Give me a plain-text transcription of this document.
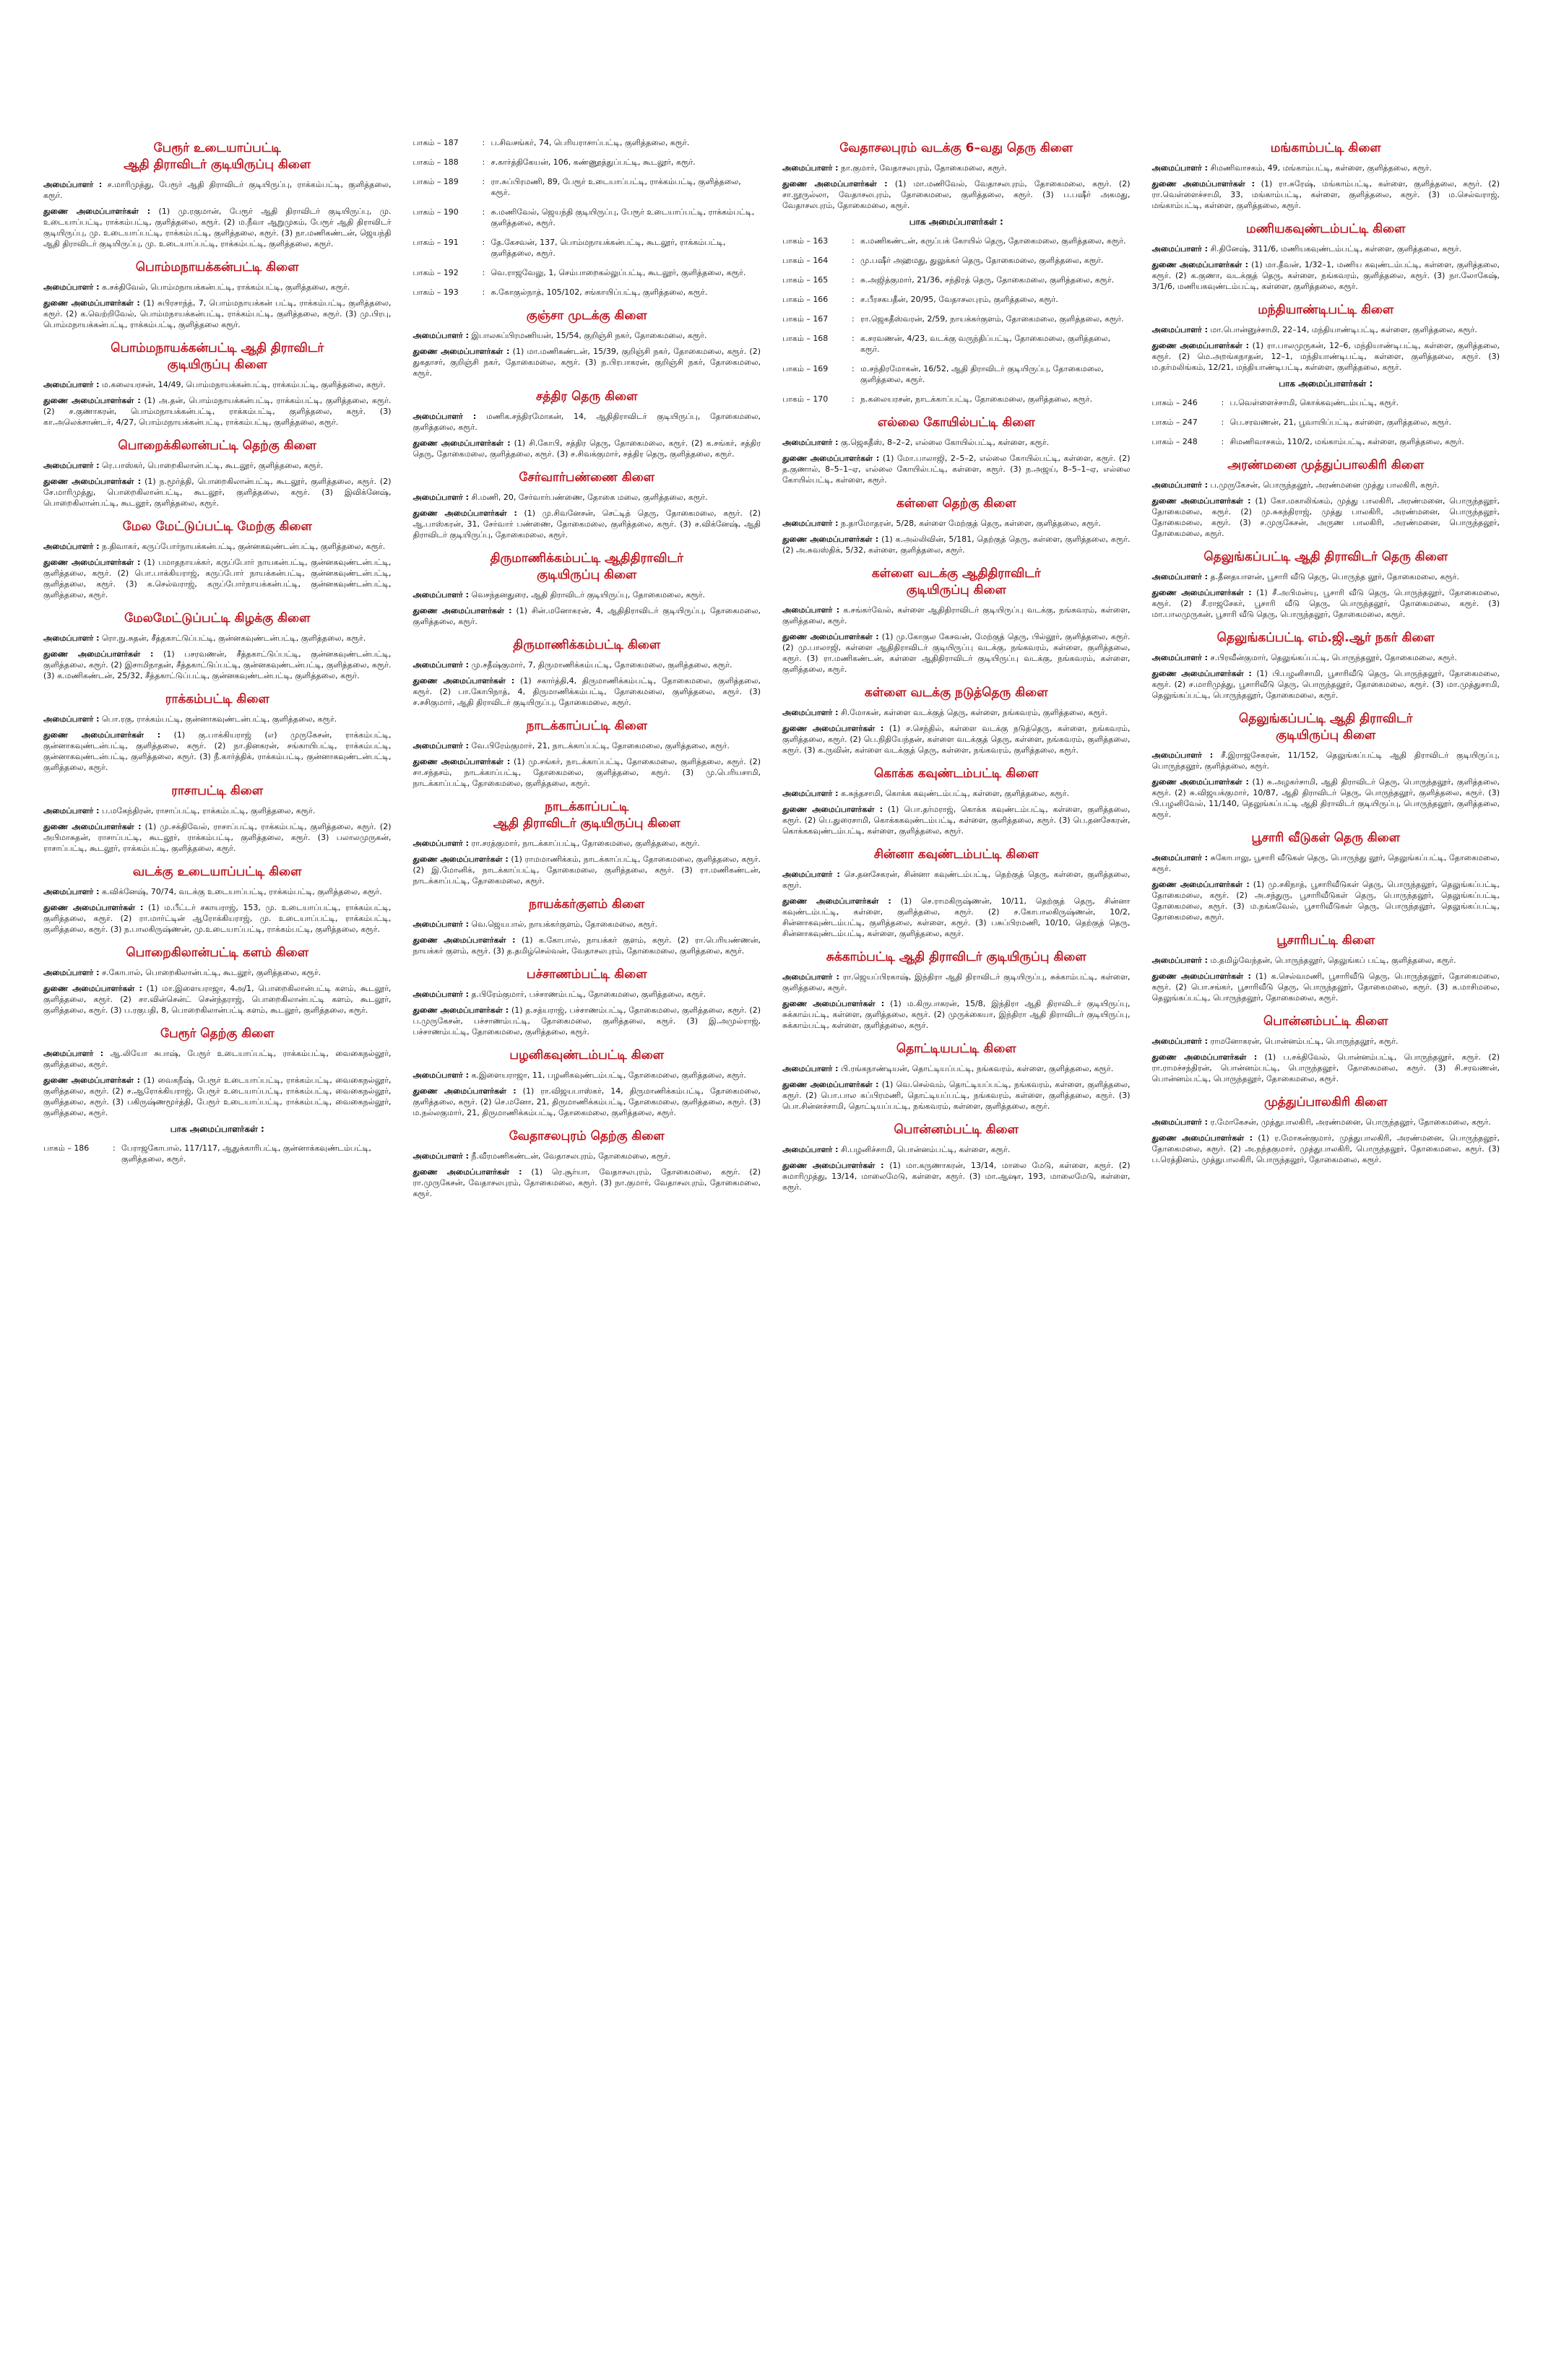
பேரூர் உடையாப்பட்டி
ஆதி திராவிடர் குடியிருப்பு கிளை
அமைப்பாளர் : ச.மாரிமுத்து, பேரூர் ஆதி திராவிடர் குடியிருப்பு, ராக்கம்பட்டி, குளித்தலை, கரூர்.
துணை அமைப்பாளர்கள் : (1) மு.ரகுமான், பேரூர் ஆதி திராவிடர் குடியிருப்பு, மு. உடையாப்பட்டி, ராக்கம்பட்டி, குளித்தலை, கரூர். (2) ம.நீவா ஆறுமுகம், பேரூர் ஆதி திராவிடர் குடியிருப்பு, மு. உடையாப்பட்டி, ராக்கம்பட்டி, குளித்தலை, கரூர். (3) நா.மணிகண்டன், ஜெயந்தி ஆதி திராவிடர் குடியிருப்பு, மு. உடையாப்பட்டி, ராக்கம்பட்டி, குளித்தலை, கரூர்.
பொம்மநாயக்கன்பட்டி கிளை
அமைப்பாளர் : க.சக்திவேல், பொம்மநாயக்கன்பட்டி, ராக்கம்பட்டி, குளித்தலை, கரூர்.
துணை அமைப்பாளர்கள் : (1) சுபிரசாந்த், 7, பொம்மநாயக்கன் பட்டி, ராக்கம்பட்டி, குளித்தலை, கரூர். (2) க.வெற்றிவேல், பொம்மநாயக்கன்பட்டி, ராக்கம்பட்டி, குளித்தலை, கரூர். (3) மு.பிரபு, பொம்மநாயக்கன்பட்டி, ராக்கம்பட்டி, குளித்தலை கரூர்.
பொம்மநாயக்கன்பட்டி ஆதி திராவிடர்
குடியிருப்பு கிளை
அமைப்பாளர் : ம.கலையரசன், 14/49, பொம்மநாயக்கன்பட்டி, ராக்கம்பட்டி, குளித்தலை, கரூர்.
துணை அமைப்பாளர்கள் : (1) அ.தன், பொம்மநாயக்கன்பட்டி, ராக்கம்பட்டி, குளித்தலை, கரூர். (2) ச.குணாகரன், பொம்மநாயக்கன்பட்டி, ராக்கம்பட்டி, குளித்தலை, கரூர். (3) கா.அலெக்சாண்டர், 4/27, பொம்மநாயக்கன்பட்டி, ராக்கம்பட்டி, குளித்தலை, கரூர்.
பொறைக்கிலான்பட்டி தெற்கு கிளை
அமைப்பாளர் : ரெ.பாஸ்கர், பொறைகிலான்பட்டி, கூடலூர், குளித்தலை, கரூர்.
துணை அமைப்பாளர்கள் : (1) ந.மூர்த்தி, பொறைகிலான்பட்டி, கூடலூர், குளித்தலை, கரூர். (2) சே.மாரிமுத்து, பொறைகிலான்பட்டி, கூடலூர், குளித்தலை, கரூர். (3) இவிக்னேஷ், பொறைகிலான்பட்டி, கூடலூர், குளித்தலை, கரூர்.
மேல மேட்டுப்பட்டி மேற்கு கிளை
அமைப்பாளர் : ந.திவாகர், கருப்போர்நாயக்கன்பட்டி, குன்னகவுண்டன்பட்டி, குளித்தலை, கரூர்.
துணை அமைப்பாளர்கள் : (1) பமாதநாயக்கர், கருப்போர் நாயகன்பட்டி, குன்னகவுண்டன்பட்டி, குளித்தலை, கரூர். (2) பொ.பாக்கியராஜ், கருப்போர் நாயக்கன்பட்டி, குன்னகவுண்டன்பட்டி, குளித்தலை, கரூர். (3) க.செல்வராஜ், கருப்போர்நாயக்கன்பட்டி, குன்னகவுண்டன்பட்டி, குளித்தலை, கரூர்.
மேலமேட்டுப்பட்டி கிழக்கு கிளை
அமைப்பாளர் : ரொ.நு.சுதன், சீத்தகாட்டுப்பட்டி, குன்னகவுண்டன்பட்டி, குளித்தலை, கரூர்.
துணை அமைப்பாளர்கள் : (1) பசரவணன், சீத்தகாட்டுப்பட்டி, குன்னகவுண்டன்பட்டி, குளித்தலை, கரூர். (2) இசாமிநாதன், சீத்தகாட்டுப்பட்டி, குன்னகவுண்டன்பட்டி, குளித்தலை, கரூர். (3) க.மணிகண்டன், 25/32, சீத்தகாட்டுப்பட்டி, குன்னகவுண்டன்பட்டி, குளித்தலை, கரூர்.
ராக்கம்பட்டி கிளை
அமைப்பாளர் : பொ.ரகு, ராக்கம்பட்டி, குன்னாகவுண்டன்பட்டி, குளித்தலை, கரூர்.
துணை அமைப்பாளர்கள் : (1) கு.பாக்கியராஜ் (எ) முருகேசன், ராக்கம்பட்டி, குன்னாகவுண்டன்பட்டி, குளித்தலை, கரூர். (2) நா.தினகரன், சங்காயிபட்டி, ராக்கம்பட்டி, குன்னாகவுண்டன்பட்டி, குளித்தலை, கரூர். (3) நீ.கார்த்திக், ராக்கம்பட்டி, குன்னாகவுண்டன்பட்டி, குளித்தலை, கரூர்.
ராசாபட்டி கிளை
அமைப்பாளர் : ப.மகேந்திரன், ராசாப்பட்டி, ராக்கம்பட்டி, குளித்தலை, கரூர்.
துணை அமைப்பாளர்கள் : (1) மு.சக்திவேல், ராசாப்பட்டி, ராக்கம்பட்டி, குளித்தலை, கரூர். (2) அபிமாசுதன், ராசாப்பட்டி, கூடலூர், ராக்கம்பட்டி, குளித்தலை, கரூர். (3) பலாலமுருகன், ராசாப்பட்டி, கூடலூர், ராக்கம்பட்டி, குளித்தலை, கரூர்.
வடக்கு உடையாப்பட்டி கிளை
அமைப்பாளர் : க.விக்னேஷ், 70/74, வடக்கு உடையாப்பட்டி, ராக்கம்பட்டி, குளித்தலை, கரூர்.
துணை அமைப்பாளர்கள் : (1) ம.பீட்டர் சகாயராஜ், 153, மு. உடையாப்பட்டி, ராக்கம்பட்டி, குளித்தலை, கரூர். (2) ரா.மார்ட்டின் ஆரோக்கியராஜ், மு. உடையாப்பட்டி, ராக்கம்பட்டி, குளித்தலை, கரூர். (3) ந.பாலகிருஷ்ணன், மு.உடையாப்பட்டி, ராக்கம்பட்டி, குளித்தலை, கரூர்.
பொறைகிலான்பட்டி களம் கிளை
அமைப்பாளர் : ச.கோபால், பொறைகிலான்பட்டி, கூடலூர், குளித்தலை, கரூர்.
துணை அமைப்பாளர்கள் : (1) மா.இளையராஜா, 4அ/1, பொறைகிலான்பட்டி களம், கூடலூர், குளித்தலை, கரூர். (2) சா.வின்சென்ட் சென்ந்தராஜ், பொறைகிலான்பட்டி களம், கூடலூர், குளித்தலை, கரூர். (3) ப.ரகுபதி, 8, பொறைகிலான்பட்டி களம், கூடலூர், குளித்தலை, கரூர்.
பேரூர் தெற்கு கிளை
அமைப்பாளர் : ஆ.லியோ சுபாஷ், பேரூர் உடையாப்பட்டி, ராக்கம்பட்டி, வைகைநல்லூர், குளித்தலை, கரூர்.
துணை அமைப்பாளர்கள் : (1) வைகநீஷ், பேரூர் உடையாப்பட்டி, ராக்கம்பட்டி, வைகைநல்லூர், குளித்தலை, கரூர். (2) ச.ஆரோக்கியராஜ், பேரூர் உடையாப்பட்டி, ராக்கம்பட்டி, வைகைநல்லூர், குளித்தலை, கரூர். (3) பகிருஷ்ணமூர்த்தி, பேரூர் உடையாப்பட்டி, ராக்கம்பட்டி, வைகைநல்லூர், குளித்தலை, கரூர்.
பாக அமைப்பாளர்கள் :
பாகம் – 186	: பேராஜகோபால், 117/117, ஆதுக்காரிபட்டி, குன்னாக்கவுண்டம்பட்டி, குளித்தலை, கரூர்.
பாகம் – 187	: ப.சிவசங்கர், 74, பெரியராசாப்பட்டி, குளித்தலை, கரூர்.
பாகம் – 188	: ச.கார்த்திகேயன், 106, கண்ணூத்துப்பட்டி, கூடலூர், கரூர்.
பாகம் – 189	: ரா.சுப்பிரமணி, 89, பேரூர் உடையாப்பட்டி, ராக்கம்பட்டி, குளித்தலை, கரூர்.
பாகம் – 190	: சு.மணிவேல், ஜெயந்தி குடியிருப்பு, பேரூர் உடையாப்பட்டி, ராக்கம்பட்டி, குளித்தலை, கரூர்.
பாகம் – 191	: தே.கேசவன், 137, பொம்மநாயக்கன்பட்டி, கூடலூர், ராக்கம்பட்டி, குளித்தலை, கரூர்.
பாகம் – 192	: வெ.ராஜவேலு, 1, செம்பாறைகல்லுப்பட்டி, கூடலூர், குளித்தலை, கரூர்.
பாகம் – 193	: சு.கோகுல்நாத், 105/102, சங்காயிப்பட்டி, குளித்தலை, கரூர்.
குஞ்சா முடக்கு கிளை
அமைப்பாளர் : இபாலசுப்பிரமணியன், 15/54, குறிஞ்சி நகர், தோகைமலை, கரூர்.
துணை அமைப்பாளர்கள் : (1) மா.மணிகண்டன், 15/39, குறிஞ்சி நகர், தோகைமலை, கரூர். (2) துகதாசர், குறிஞ்சி நகர், தோகைமலை, கரூர். (3) ந.பிரபாகரன், குறிஞ்சி நகர், தோகைமலை, கரூர்.
சத்திர தெரு கிளை
அமைப்பாளர் : மணிக.சந்திரமோகன், 14, ஆதிதிராவிடர் குடியிருப்பு, தோகைமலை, குளித்தலை, கரூர்.
துணை அமைப்பாளர்கள் : (1) சி.கோபி, சத்திர தெரு, தோகைமலை, கரூர். (2) க.சங்கர், சத்திர தெரு, தோகைமலை, குளித்தலை, கரூர். (3) ச.சிவக்குமார், சத்திர தெரு, குளித்தலை, கரூர்.
சேர்வார்பண்ணை கிளை
அமைப்பாளர் : சி.மணி, 20, சேர்வார்பண்ணை, தோகை மலை, குளித்தலை, கரூர்.
துணை அமைப்பாளர்கள் : (1) மு.சிவனேசன், செட்டித் தெரு, தோகைமலை, கரூர். (2) ஆ.பாஸ்கரன், 31, சேர்வார் பண்ணை, தோகைமலை, குளித்தலை, கரூர். (3) ச.விக்னேஷ், ஆதி திராவிடர் குடியிருப்பு, தோகைமலை, கரூர்.
திருமாணிக்கம்பட்டி ஆதிதிராவிடர்
குடியிருப்பு கிளை
அமைப்பாளர் : வெசந்தனதுரை, ஆதி திராவிடர் குடியிருப்பு, தோகைமலை, கரூர்.
துணை அமைப்பாளர்கள் : (1) சின்.மனோகரன், 4, ஆதிதிராவிடர் குடியிருப்பு, தோகைமலை, குளித்தலை, கரூர்.
திருமாணிக்கம்பட்டி கிளை
அமைப்பாளர் : மு.சதீஷ்குமார், 7, திருமாணிக்கம்பட்டி, தோகைமலை, குளித்தலை, கரூர்.
துணை அமைப்பாளர்கள் : (1) சகார்த்தி,4, திருமாணிக்கம்பட்டி, தோகைமலை, குளித்தலை, கரூர். (2) பா.கோபிநாத், 4, திருமாணிக்கம்பட்டி, தோகைமலை, குளித்தலை, கரூர். (3) ச.சசிகுமார், ஆதி திராவிடர் குடியிருப்பு, தோகைமலை, கரூர்.
நாடக்காப்பட்டி கிளை
அமைப்பாளர் : வே.பிரேம்குமார், 21, நாடக்காப்பட்டி, தோகைமலை, குளித்தலை, கரூர்.
துணை அமைப்பாளர்கள் : (1) மு.சங்கர், நாடக்காப்பட்டி, தோகைமலை, குளித்தலை, கரூர். (2) சா.சந்தசம், நாடக்காப்பட்டி, தோகைமலை, குளித்தலை, கரூர். (3) மு.பெரியசாமி, நாடக்காப்பட்டி, தோகைமலை, குளித்தலை, கரூர்.
நாடக்காப்பட்டி
ஆதி திராவிடர் குடியிருப்பு கிளை
அமைப்பாளர் : ரா.சரத்குமார், நாடக்காப்பட்டி, தோகைமலை, குளித்தலை, கரூர்.
துணை அமைப்பாளர்கள் : (1) ராமமாணிக்கம், நாடக்காப்பட்டி, தோகைமலை, குளித்தலை, கரூர். (2) இ.மோனிக், நாடக்காப்பட்டி, தோகைமலை, குளித்தலை, கரூர். (3) ரா.மணிகண்டன், நாடக்காப்பட்டி, தோகைமலை, கரூர்.
நாயக்கர்குளம் கிளை
அமைப்பாளர் : வெ.ஜெயபால், நாயக்கர்குளம், தோகைமலை, கரூர்.
துணை அமைப்பாளர்கள் : (1) க.கோபால், நாயக்கர் குளம், கரூர். (2) ரா.பெரியண்ணன், நாயக்கர் குளம், கரூர். (3) த.தமிழ்செல்வன், வேதாசலபுரம், தோகைமலை, குளித்தலை, கரூர்.
பச்சாணம்பட்டி கிளை
அமைப்பாளர் : த.பிரேம்குமார், பச்சாணம்பட்டி, தோகைமலை, குளித்தலை, கரூர்.
துணை அமைப்பாளர்கள் : (1) த.சத்யராஜ், பச்சாணம்பட்டி, தோகைமலை, குளித்தலை, கரூர். (2) ப.முருகேசன், பச்சாணம்பட்டி, தோகைமலை, குளித்தலை, கரூர். (3) இ.அமுல்ராஜ், பச்சாணம்பட்டி, தோகைமலை, குளித்தலை, கரூர்.
பழனிகவுண்டம்பட்டி கிளை
அமைப்பாளர் : க.இளையராஜா, 11, பழனிகவுண்டம்பட்டி, தோகைமலை, குளித்தலை, கரூர்.
துணை அமைப்பாளர்கள் : (1) ரா.விஜயபாஸ்கர், 14, திருமாணிக்கம்பட்டி, தோகைமலை, குளித்தலை, கரூர். (2) செ.மனோ, 21, திருமாணிக்கம்பட்டி, தோகைமலை, குளித்தலை, கரூர். (3) ம.நல்லகுமார், 21, திருமாணிக்கம்பட்டி, தோகைமலை, குளித்தலை, கரூர்.
வேதாசலபுரம் தெற்கு கிளை
அமைப்பாளர் : நீ.வீரமணிகண்டன், வேதாசலபுரம், தோகைமலை, கரூர்.
துணை அமைப்பாளர்கள் : (1) ரெ.சூர்யா, வேதாசலபுரம், தோகைமலை, கரூர். (2) ரா.முருகேசன், வேதாசலபுரம், தோகைமலை, கரூர். (3) நா.குமார், வேதாசலபுரம், தோகைமலை, கரூர்.
வேதாசலபுரம் வடக்கு 6–வது தெரு கிளை
அமைப்பாளர் : நா.குமார், வேதாசலபுரம், தோகைமலை, கரூர்.
துணை அமைப்பாளர்கள் : (1) மா.மணிவேல், வேதாசலபுரம், தோகைமலை, கரூர். (2) சா.நூருல்லா, வேதாசலபுரம், தோகைமலை, குளித்தலை, கரூர். (3) ப.பஷீர் அகமது, வேதாசலபுரம், தோகைமலை, கரூர்.
பாக அமைப்பாளர்கள் :
பாகம் – 163	: க.மணிகண்டன், கருப்பக் கோயில் தெரு, தோகைமலை, குளித்தலை, கரூர்.
பாகம் – 164	: மு.பஷீர் அஹமது, துலுக்கர் தெரு, தோகைமலை, குளித்தலை, கரூர்.
பாகம் – 165	: சு.அஜித்குமார், 21/36, சந்திரத் தெரு, தோகைமலை, குளித்தலை, கரூர்.
பாகம் – 166	: ச.பீரசகபதீன், 20/95, வேதாசலபுரம், குளித்தலை, கரூர்.
பாகம் – 167	: ரா.ஜெகதீஸ்வரன், 2/59, நாயக்கர்குளம், தோகைமலை, குளித்தலை, கரூர்.
பாகம் – 168	: க.சரவணன், 4/23, வடக்கு வருந்திப்பட்டி, தோகைமலை, குளித்தலை, கரூர்.
பாகம் – 169	: ம.சந்திரமோகன், 16/52, ஆதி திராவிடர் குடியிருப்பு, தோகைமலை, குளித்தலை, கரூர்.
பாகம் – 170	: ந.கலையரசன், நாடக்காப்பட்டி, தோகைமலை, குளித்தலை, கரூர்.
எல்லை கோயில்பட்டி கிளை
அமைப்பாளர் : கு.ஜெகதீஸ், 8–2–2, எல்லை கோயில்பட்டி, கள்ளை, கரூர்.
துணை அமைப்பாளர்கள் : (1) மோ.பாலாஜி, 2–5–2, எல்லை கோயில்பட்டி, கள்ளை, கரூர். (2) த.குணால், 8–5–1–ஏ, எல்லை கோயில்பட்டி, கள்ளை, கரூர். (3) ந.அஜய், 8–5–1–ஏ, எல்லை கோயில்பட்டி, கள்ளை, கரூர்.
கள்ளை தெற்கு கிளை
அமைப்பாளர் : ந.தாமோதரன், 5/28, கள்ளை மேற்குத் தெரு, கள்ளை, குளித்தலை, கரூர்.
துணை அமைப்பாளர்கள் : (1) க.அல்லிவின், 5/181, தெற்குத் தெரு, கள்ளை, குளித்தலை, கரூர். (2) அ.சுவஸ்திக், 5/32, கள்ளை, குளித்தலை, கரூர்.
கள்ளை வடக்கு ஆதிதிராவிடர்
குடியிருப்பு கிளை
அமைப்பாளர் : க.சங்கர்வேல், கள்ளை ஆதிதிராவிடர் குடியிருப்பு வடக்கு, நங்கவரம், கள்ளை, குளித்தலை, கரூர்.
துணை அமைப்பாளர்கள் : (1) மு.கோகுல கேசவன், மேற்குத் தெரு, பில்லூர், குளித்தலை, கரூர். (2) மு.பாலாஜி, கள்ளை ஆதிதிராவிடர் குடியிருப்பு வடக்கு, நங்கவரம், கள்ளை, குளித்தலை, கரூர். (3) ரா.மணிகண்டன், கள்ளை ஆதிதிராவிடர் குடியிருப்பு வடக்கு, நங்கவரம், கள்ளை, குளித்தலை, கரூர்.
கள்ளை வடக்கு நடுத்தெரு கிளை
அமைப்பாளர் : சி.மோகன், கள்ளை வடக்குத் தெரு, கள்ளை, நங்கவரம், குளித்தலை, கரூர்.
துணை அமைப்பாளர்கள் : (1) ச.செந்தில், கள்ளை வடக்கு நடுத்தெரு, கள்ளை, நங்கவரம், குளித்தலை, கரூர். (2) பெ.நிதியேந்தன், கள்ளை வடக்குத் தெரு, கள்ளை, நங்கவரம், குளித்தலை, கரூர். (3) க.ருவின், கள்ளை வடக்குத் தெரு, கள்ளை, நங்கவரம், குளித்தலை, கரூர்.
கொக்க கவுண்டம்பட்டி கிளை
அமைப்பாளர் : க.சுந்தசாமி, கொக்க கவுண்டம்பட்டி, கள்ளை, குளித்தலை, கரூர்.
துணை அமைப்பாளர்கள் : (1) பொ.தர்மராஜ், கொக்க கவுண்டம்பட்டி, கள்ளை, குளித்தலை, கரூர். (2) பெ.துரைசாமி, கொக்ககவுண்டம்பட்டி, கள்ளை, குளித்தலை, கரூர். (3) பெ.தனசேகரன், கொக்ககவுண்டம்பட்டி, கள்ளை, குளித்தலை, கரூர்.
சின்னா கவுண்டம்பட்டி கிளை
அமைப்பாளர் : செ.தனசேகரன், சின்னா கவுண்டம்பட்டி, தெற்குத் தெரு, கள்ளை, குளித்தலை, கரூர்.
துணை அமைப்பாளர்கள் : (1) செ.ராமகிருஷ்ணன், 10/11, தெற்குத் தெரு, சின்னா கவுண்டம்பட்டி, கள்ளை, குளித்தலை, கரூர். (2) ச.கோபாலகிருஷ்ணன், 10/2, சின்னாகவுண்டம்பட்டி, குளித்தலை, கள்ளை, கரூர். (3) பசுப்பிரமணி, 10/10, தெற்குத் தெரு, சின்னாகவுண்டம்பட்டி, கள்ளை, குளித்தலை, கரூர்.
சுக்காம்பட்டி ஆதி திராவிடர் குடியிருப்பு கிளை
அமைப்பாளர் : ரா.ஜெயப்பிரகாஷ், இந்திரா ஆதி திராவிடர் குடியிருப்பு, சுக்காம்பட்டி, கள்ளை, குளித்தலை, கரூர்.
துணை அமைப்பாளர்கள் : (1) ம.கிருபாகரன், 15/8, இந்திரா ஆதி திராவிடர் குடியிருப்பு, சுக்காம்பட்டி, கள்ளை, குளித்தலை, கரூர். (2) முருக்கையா, இந்திரா ஆதி திராவிடர் குடியிருப்பு, சுக்காம்பட்டி, கள்ளை, குளித்தலை, கரூர்.
தொட்டியபட்டி கிளை
அமைப்பாளர் : பி.ரங்கநாண்டியன், தொட்டியப்பட்டி, நங்கவரம், கள்ளை, குளித்தலை, கரூர்.
துணை அமைப்பாளர்கள் : (1) வெ.செல்வம், தொட்டியப்பட்டி, நங்கவரம், கள்ளை, குளித்தலை, கரூர். (2) பொ.பால சுப்பிரமணி, தொட்டியப்பட்டி, நங்கவரம், கள்ளை, குளித்தலை, கரூர். (3) பொ.சின்னச்சாமி, தொட்டியப்பட்டி, நங்கவரம், கள்ளை, குளித்தலை, கரூர்.
பொன்னம்பட்டி கிளை
அமைப்பாளர் : சி.பழனிச்சாமி, பொன்னம்பட்டி, கள்ளை, கரூர்.
துணை அமைப்பாளர்கள் : (1) மா.கருணாகரன், 13/14, மாலை மேடு, கள்ளை, கரூர். (2) சுமாரிமுத்து, 13/14, மாலைமேடு, கள்ளை, கரூர். (3) மா.ஆஷா, 193, மாலைமேடு, கள்ளை, கரூர்.
மங்காம்பட்டி கிளை
அமைப்பாளர் : சிமணிவாசகம், 49, மங்காம்பட்டி, கள்ளை, குளித்தலை, கரூர்.
துணை அமைப்பாளர்கள் : (1) ரா.சுரேஷ், மங்காம்பட்டி, கள்ளை, குளித்தலை, கரூர். (2) ரா.வெள்ளைச்சாமி, 33, மங்காம்பட்டி, கள்ளை, குளித்தலை, கரூர். (3) ம.செல்வராஜ், மங்காம்பட்டி, கள்ளை, குளித்தலை, கரூர்.
மணியகவுண்டம்பட்டி கிளை
அமைப்பாளர் : சி.தினேஷ், 311/6, மணியகவுண்டம்பட்டி, கள்ளை, குளித்தலை, கரூர்.
துணை அமைப்பாளர்கள் : (1) மா.தீவன், 1/32–1, மணிய கவுண்டம்பட்டி, கள்ளை, குளித்தலை, கரூர். (2) க.குணா, வடக்குத் தெரு, கள்ளை, நங்கவரம், குளித்தலை, கரூர். (3) நா.லோகேஷ், 3/1/6, மணியகவுண்டம்பட்டி, கள்ளை, குளித்தலை, கரூர்.
மந்தியாண்டிபட்டி கிளை
அமைப்பாளர் : மா.பொன்னுச்சாமி, 22–14, மந்தியாண்டிபட்டி, கள்ளை, குளித்தலை, கரூர்.
துணை அமைப்பாளர்கள் : (1) ரா.பாலமுருகன், 12–6, மந்தியாண்டிபட்டி, கள்ளை, குளித்தலை, கரூர். (2) மெ.அறங்கநாதன், 12–1, மந்தியாண்டிபட்டி, கள்ளை, குளித்தலை, கரூர். (3) ம.தர்மலிங்கம், 12/21, மந்தியாண்டிபட்டி, கள்ளை, குளித்தலை, கரூர்.
பாக அமைப்பாளர்கள் :
பாகம் – 246	: ப.வெள்ளைச்சாமி, கொக்கவுண்டம்பட்டி, கரூர்.
பாகம் – 247	: பெ.சரவணன், 21, பூவாயிப்பட்டி, கள்ளை, குளித்தலை, கரூர்.
பாகம் – 248	: சிமணிவாசகம், 110/2, மங்காம்பட்டி, கள்ளை, குளித்தலை, கரூர்.
அரண்மனை முத்துப்பாலகிரி கிளை
அமைப்பாளர் : ப.முருகேசன், பொருந்தலூர், அரண்மனை முத்து பாலகிரி, கரூர்.
துணை அமைப்பாளர்கள் : (1) கோ.மகாலிங்கம், முத்து பாலகிரி, அரண்மனை, பொருந்தலூர், தோகைமலை, கரூர். (2) மு.சுகந்திராஜ், முத்து பாலகிரி, அரண்மனை, பொருந்தலூர், தோகைமலை, கரூர். (3) ச.முருகேசன், அருண பாலகிரி, அரண்மனை, பொருந்தலூர், தோகைமலை, கரூர்.
தெலுங்கப்பட்டி ஆதி திராவிடர் தெரு கிளை
அமைப்பாளர் : த.தீனதயாளன், பூசாரி வீடு தெரு, பொருந்த லூர், தோகைமலை, கரூர்.
துணை அமைப்பாளர்கள் : (1) சீ.அபிமன்யு, பூசாரி வீடு தெரு, பொருந்தலூர், தோகைமலை, கரூர். (2) சீ.ராஜசேகர், பூசாரி வீடு தெரு, பொருந்தலூர், தோகைமலை, கரூர். (3) மா.பாலமுருகன், பூசாரி வீடு தெரு, பொருந்தலூர், தோகைமலை, கரூர்.
தெலுங்கப்பட்டி எம்.ஜி.ஆர் நகர் கிளை
அமைப்பாளர் : ச.பிரவீன்குமார், தெலுங்கப்பட்டி, பொருந்தலூர், தோகைமலை, கரூர்.
துணை அமைப்பாளர்கள் : (1) பி.பழனிசாமி, பூசாரிவீடு தெரு, பொருந்தலூர், தோகைமலை, கரூர். (2) ச.மாரிமுத்து, பூசாரிவீடு தெரு, பொருந்தலூர், தோகைமலை, கரூர். (3) மா.முத்துசாமி, தெலுங்கப்பட்டி, பொருந்தலூர், தோகைமலை, கரூர்.
தெலுங்கப்பட்டி ஆதி திராவிடர்
குடியிருப்பு கிளை
அமைப்பாளர் : சீ.இராஜசேகரன், 11/152, தெலுங்கப்பட்டி ஆதி திராவிடர் குடியிருப்பு, பொருந்தலூர், குளித்தலை, கரூர்.
துணை அமைப்பாளர்கள் : (1) சு.அழகர்சாமி, ஆதி திராவிடர் தெரு, பொருந்தலூர், குளித்தலை, கரூர். (2) சு.விஜயக்குமார், 10/87, ஆதி திராவிடர் தெரு, பொருந்தலூர், குளித்தலை, கரூர். (3) பி.பழனிவேல், 11/140, தெலுங்கப்பட்டி ஆதி திராவிடர் குடியிருப்பு, பொருந்தலூர், குளித்தலை, கரூர்.
பூசாரி வீடுகள் தெரு கிளை
அமைப்பாளர் : சுகோபாலு, பூசாரி வீடுகள் தெரு, பொருந்து லூர், தெலுங்கப்பட்டி, தோகைமலை, கரூர்.
துணை அமைப்பாளர்கள் : (1) மு.சகிநாத், பூசாரிவீடுகள் தெரு, பொருந்தலூர், தெலுங்கப்பட்டி, தோகைமலை, கரூர். (2) அ.சந்துரு, பூசாரிவீடுகள் தெரு, பொருந்தலூர், தெலுங்கப்பட்டி, தோகைமலை, கரூர். (3) ம.நங்கவேல், பூசாரிவீடுகள் தெரு, பொருந்தலூர், தெலுங்கப்பட்டி, தோகைமலை, கரூர்.
பூசாரிபட்டி கிளை
அமைப்பாளர் : ம.தமிழ்வேந்தன், பொருந்தலூர், தெலுங்கப் பட்டி, குளித்தலை, கரூர்.
துணை அமைப்பாளர்கள் : (1) க.செல்வமணி, பூசாரிவீடு தெரு, பொருந்தலூர், தோகைமலை, கரூர். (2) பொ.சங்கர், பூசாரிவீடு தெரு, பொருந்தலூர், தோகைமலை, கரூர். (3) க.மாசிமலை, தெலுங்கப்பட்டி, பொருந்தலூர், தோகைமலை, கரூர்.
பொன்னம்பட்டி கிளை
அமைப்பாளர் : ராமனோகரன், பொன்னம்பட்டி, பொருந்தலூர், கரூர்.
துணை அமைப்பாளர்கள் : (1) ப.சக்திவேல், பொன்னம்பட்டி, பொருந்தலூர், கரூர். (2) ரா.ராமச்சந்திரன், பொன்னம்பட்டி, பொருந்தலூர், தோகைமலை, கரூர். (3) சி.சரவணன், பொன்னம்பட்டி, பொருந்தலூர், தோகைமலை, கரூர்.
முத்துப்பாலகிரி கிளை
அமைப்பாளர் : ர.மோகேசன், முத்துபாலகிரி, அரண்மனை, பொருந்தலூர், தோகைமலை, கரூர்.
துணை அமைப்பாளர்கள் : (1) ர.மோகன்குமார், முத்துபாலகிரி, அரண்மனை, பொருந்தலூர், தோகைமலை, கரூர். (2) அ.நந்தகுமார், முத்துபாலகிரி, பொருந்தலூர், தோகைமலை, கரூர். (3) ப.ரெத்தினம், முத்துபாலகிரி, பொருந்தலூர், தோகைமலை, கரூர்.
